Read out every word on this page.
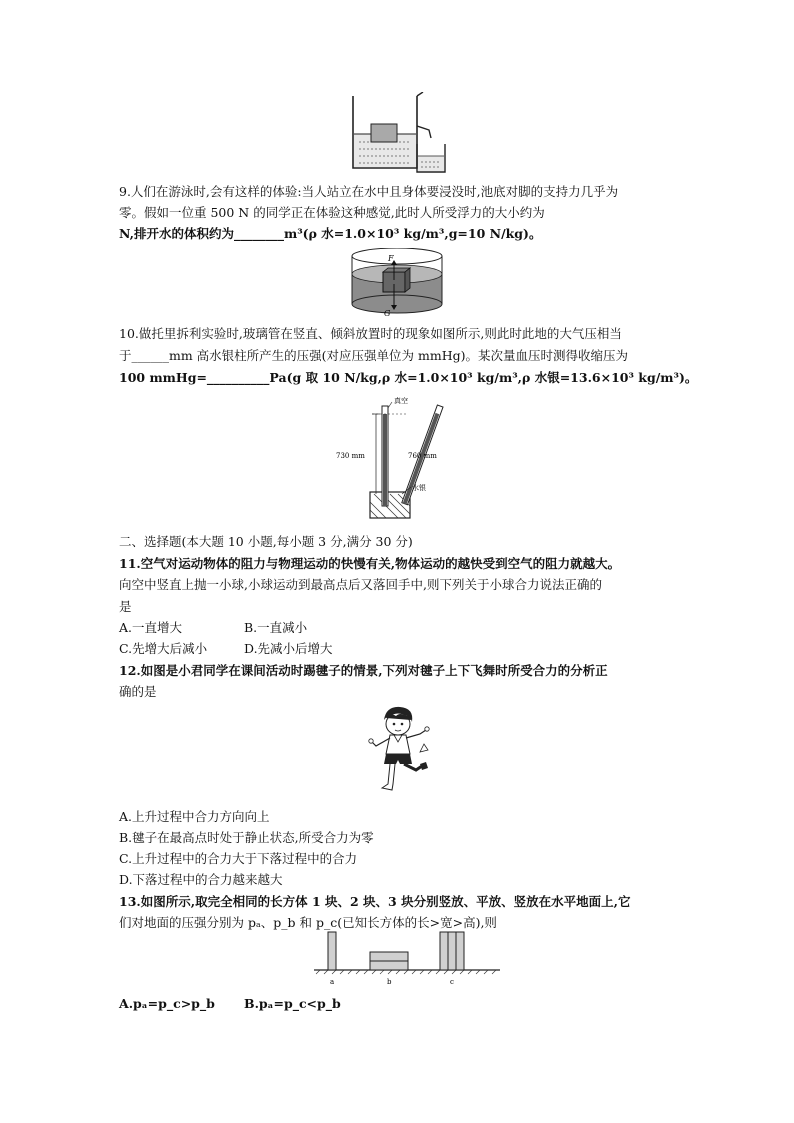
9.人们在游泳时,会有这样的体验:当人站立在水中且身体要浸没时,池底对脚的支持力几乎为
零。假如一位重 500 N 的同学正在体验这种感觉,此时人所受浮力的大小约为
N,排开水的体积约为________m³(ρ 水=1.0×10³ kg/m³,g=10 N/kg)。
F
G
10.做托里拆利实验时,玻璃管在竖直、倾斜放置时的现象如图所示,则此时此地的大气压相当
于______mm 高水银柱所产生的压强(对应压强单位为 mmHg)。某次量血压时测得收缩压为
100 mmHg=__________Pa(g 取 10 N/kg,ρ 水=1.0×10³ kg/m³,ρ 水银=13.6×10³ kg/m³)。
730 mm	760 mm
真空
水银
二、选择题(本大题 10 小题,每小题 3 分,满分 30 分)
11.空气对运动物体的阻力与物理运动的快慢有关,物体运动的越快受到空气的阻力就越大。
向空中竖直上抛一小球,小球运动到最高点后又落回手中,则下列关于小球合力说法正确的
是
A.一直增大	B.一直减小
C.先增大后减小	D.先减小后增大
12.如图是小君同学在课间活动时踢毽子的情景,下列对毽子上下飞舞时所受合力的分析正
确的是
A.上升过程中合力方向向上
B.毽子在最高点时处于静止状态,所受合力为零
C.上升过程中的合力大于下落过程中的合力
D.下落过程中的合力越来越大
13.如图所示,取完全相同的长方体 1 块、2 块、3 块分别竖放、平放、竖放在水平地面上,它
们对地面的压强分别为 pₐ、p_b 和 p_c(已知长方体的长>宽>高),则
a	b	c
A.pₐ=p_c>p_b B.pₐ=p_c<p_b
